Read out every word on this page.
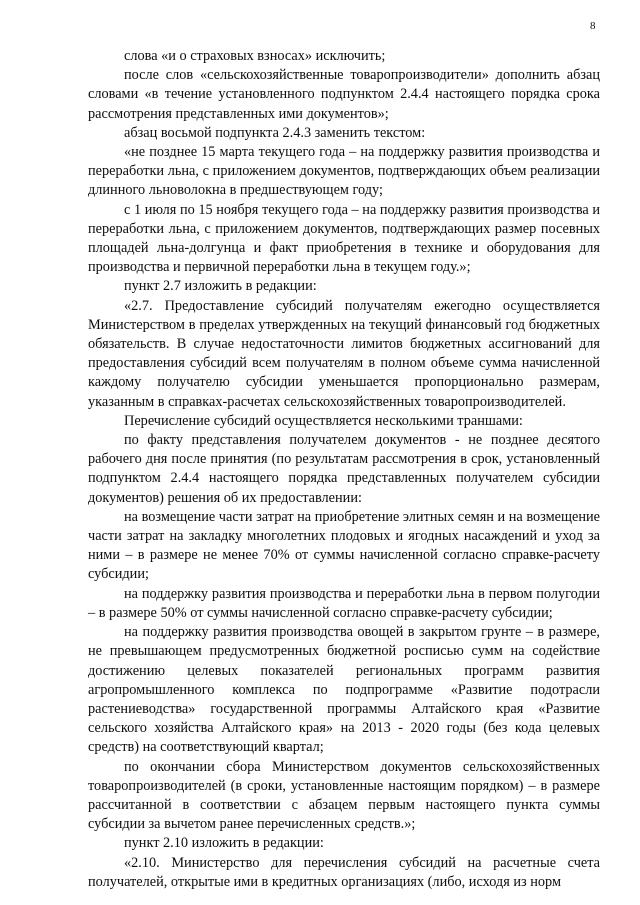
8

слова «и о страховых взносах» исключить;

после слов «сельскохозяйственные товаропроизводители» дополнить абзац словами «в течение установленного подпунктом 2.4.4 настоящего порядка срока рассмотрения представленных ими документов»;

абзац восьмой подпункта 2.4.3 заменить текстом:

«не позднее 15 марта текущего года – на поддержку развития производства и переработки льна, с приложением документов, подтверждающих объем реализации длинного льноволокна в предшествующем году;

с 1 июля по 15 ноября текущего года – на поддержку развития производства и переработки льна, с приложением документов, подтверждающих размер посевных площадей льна-долгунца и факт приобретения в технике и оборудования для производства и первичной переработки льна в текущем году.»;

пункт 2.7 изложить в редакции:

«2.7. Предоставление субсидий получателям ежегодно осуществляется Министерством в пределах утвержденных на текущий финансовый год бюджетных обязательств. В случае недостаточности лимитов бюджетных ассигнований для предоставления субсидий всем получателям в полном объеме сумма начисленной каждому получателю субсидии уменьшается пропорционально размерам, указанным в справках-расчетах сельскохозяйственных товаропроизводителей.

Перечисление субсидий осуществляется несколькими траншами:

по факту представления получателем документов - не позднее десятого рабочего дня после принятия (по результатам рассмотрения в срок, установленный подпунктом 2.4.4 настоящего порядка представленных получателем субсидии документов) решения об их предоставлении:

на возмещение части затрат на приобретение элитных семян и на возмещение части затрат на закладку многолетних плодовых и ягодных насаждений и уход за ними – в размере не менее 70% от суммы начисленной согласно справке-расчету субсидии;

на поддержку развития производства и переработки льна в первом полугодии – в размере 50% от суммы начисленной согласно справке-расчету субсидии;

на поддержку развития производства овощей в закрытом грунте – в размере, не превышающем предусмотренных бюджетной росписью сумм на содействие достижению целевых показателей региональных программ развития агропромышленного комплекса по подпрограмме «Развитие подотрасли растениеводства» государственной программы Алтайского края «Развитие сельского хозяйства Алтайского края» на 2013 - 2020 годы (без кода целевых средств) на соответствующий квартал;

по окончании сбора Министерством документов сельскохозяйственных товаропроизводителей (в сроки, установленные настоящим порядком) – в размере рассчитанной в соответствии с абзацем первым настоящего пункта суммы субсидии за вычетом ранее перечисленных средств.»;

пункт 2.10 изложить в редакции:

«2.10. Министерство для перечисления субсидий на расчетные счета получателей, открытые ими в кредитных организациях (либо, исходя из норм
